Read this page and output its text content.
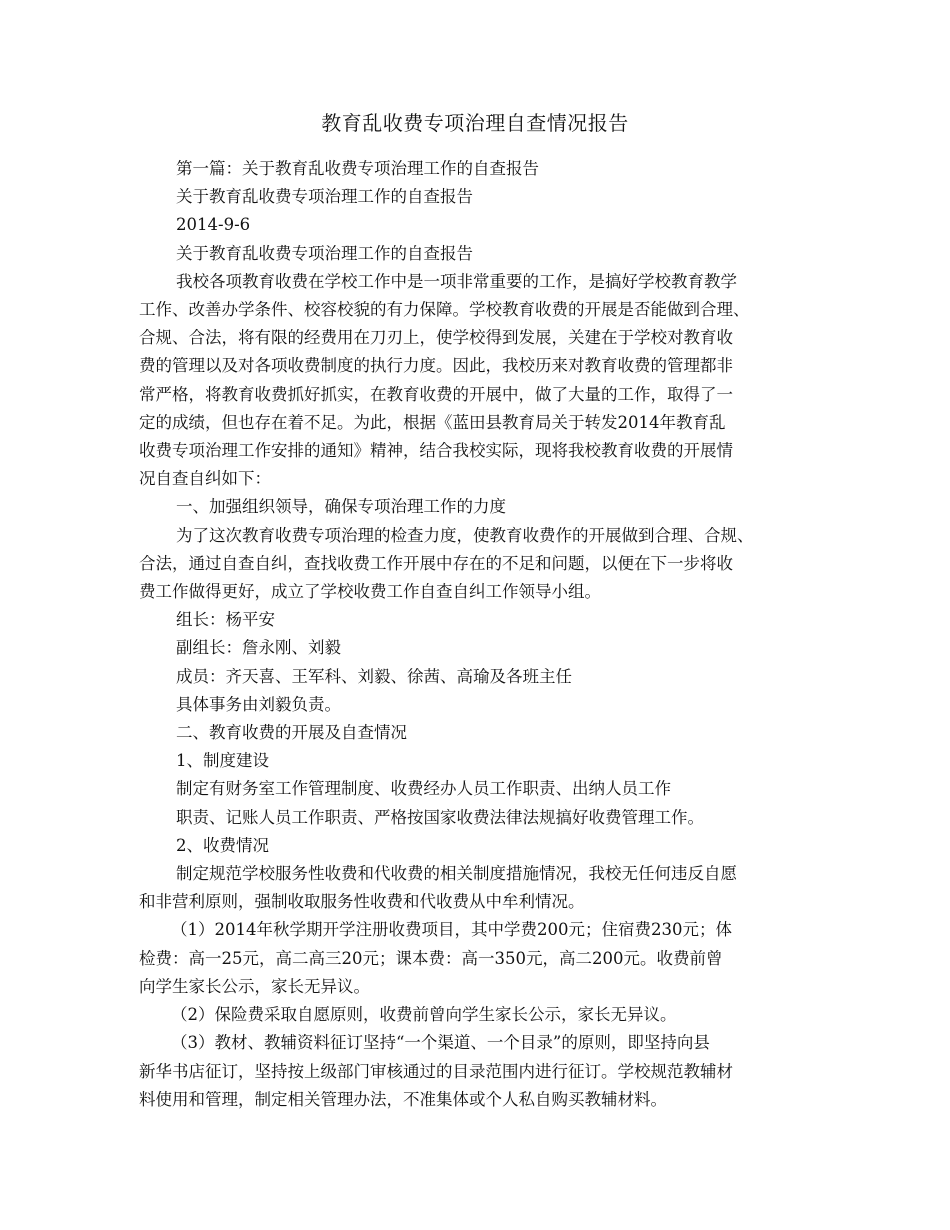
教育乱收费专项治理自查情况报告
第一篇：关于教育乱收费专项治理工作的自查报告
关于教育乱收费专项治理工作的自查报告
2014-9-6
关于教育乱收费专项治理工作的自查报告
我校各项教育收费在学校工作中是一项非常重要的工作，是搞好学校教育教学
工作、改善办学条件、校容校貌的有力保障。学校教育收费的开展是否能做到合理、
合规、合法，将有限的经费用在刀刃上，使学校得到发展，关建在于学校对教育收
费的管理以及对各项收费制度的执行力度。因此，我校历来对教育收费的管理都非
常严格，将教育收费抓好抓实，在教育收费的开展中，做了大量的工作，取得了一
定的成绩，但也存在着不足。为此，根据《蓝田县教育局关于转发2014年教育乱
收费专项治理工作安排的通知》精神，结合我校实际，现将我校教育收费的开展情
况自查自纠如下：
一、加强组织领导，确保专项治理工作的力度
为了这次教育收费专项治理的检查力度，使教育收费作的开展做到合理、合规、
合法，通过自查自纠，查找收费工作开展中存在的不足和问题，以便在下一步将收
费工作做得更好，成立了学校收费工作自查自纠工作领导小组。
组长：杨平安
副组长：詹永刚、刘毅
成员：齐天喜、王军科、刘毅、徐茜、高瑜及各班主任
具体事务由刘毅负责。
二、教育收费的开展及自查情况
1、制度建设
制定有财务室工作管理制度、收费经办人员工作职责、出纳人员工作
职责、记账人员工作职责、严格按国家收费法律法规搞好收费管理工作。
2、收费情况
制定规范学校服务性收费和代收费的相关制度措施情况，我校无任何违反自愿
和非营利原则，强制收取服务性收费和代收费从中牟利情况。
（1）2014年秋学期开学注册收费项目，其中学费200元；住宿费230元；体
检费：高一25元，高二高三20元；课本费：高一350元，高二200元。收费前曾
向学生家长公示，家长无异议。
（2）保险费采取自愿原则，收费前曾向学生家长公示，家长无异议。
（3）教材、教辅资料征订坚持“一个渠道、一个目录”的原则，即坚持向县
新华书店征订，坚持按上级部门审核通过的目录范围内进行征订。学校规范教辅材
料使用和管理，制定相关管理办法，不准集体或个人私自购买教辅材料。
